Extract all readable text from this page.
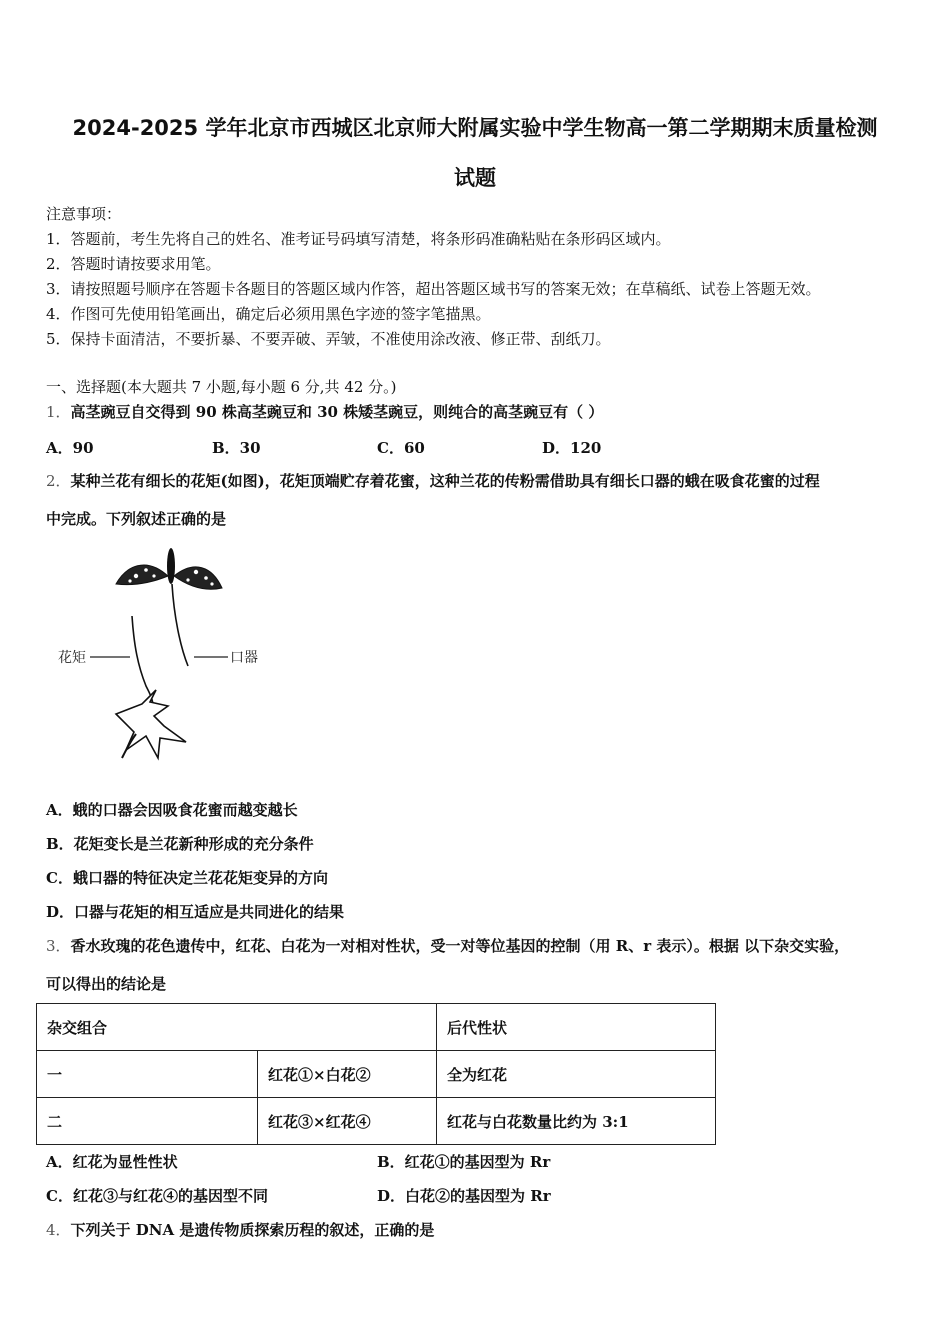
2024-2025 学年北京市西城区北京师大附属实验中学生物高一第二学期期末质量检测
试题
注意事项：
1．答题前，考生先将自己的姓名、准考证号码填写清楚，将条形码准确粘贴在条形码区域内。
2．答题时请按要求用笔。
3．请按照题号顺序在答题卡各题目的答题区域内作答，超出答题区域书写的答案无效；在草稿纸、试卷上答题无效。
4．作图可先使用铅笔画出，确定后必须用黑色字迹的签字笔描黑。
5．保持卡面清洁，不要折暴、不要弄破、弄皱，不准使用涂改液、修正带、刮纸刀。
一、选择题(本大题共 7 小题,每小题 6 分,共 42 分。)
1．高茎豌豆自交得到 90 株高茎豌豆和 30 株矮茎豌豆，则纯合的高茎豌豆有（ ）
A．90	B．30	C．60	D．120
2．某种兰花有细长的花矩(如图)，花矩顶端贮存着花蜜，这种兰花的传粉需借助具有细长口器的蛾在吸食花蜜的过程
中完成。下列叙述正确的是
花矩	口器
A．蛾的口器会因吸食花蜜而越变越长
B．花矩变长是兰花新种形成的充分条件
C．蛾口器的特征决定兰花花矩变异的方向
D．口器与花矩的相互适应是共同进化的结果
3．香水玫瑰的花色遗传中，红花、白花为一对相对性状，受一对等位基因的控制（用 R、r 表示）。根据 以下杂交实验，
可以得出的结论是
杂交组合		后代性状
一	红花①×白花②	全为红花
二	红花③×红花④	红花与白花数量比约为 3:1
A．红花为显性性状	B．红花①的基因型为 Rr
C．红花③与红花④的基因型不同	D．白花②的基因型为 Rr
4．下列关于 DNA 是遗传物质探索历程的叙述，正确的是
